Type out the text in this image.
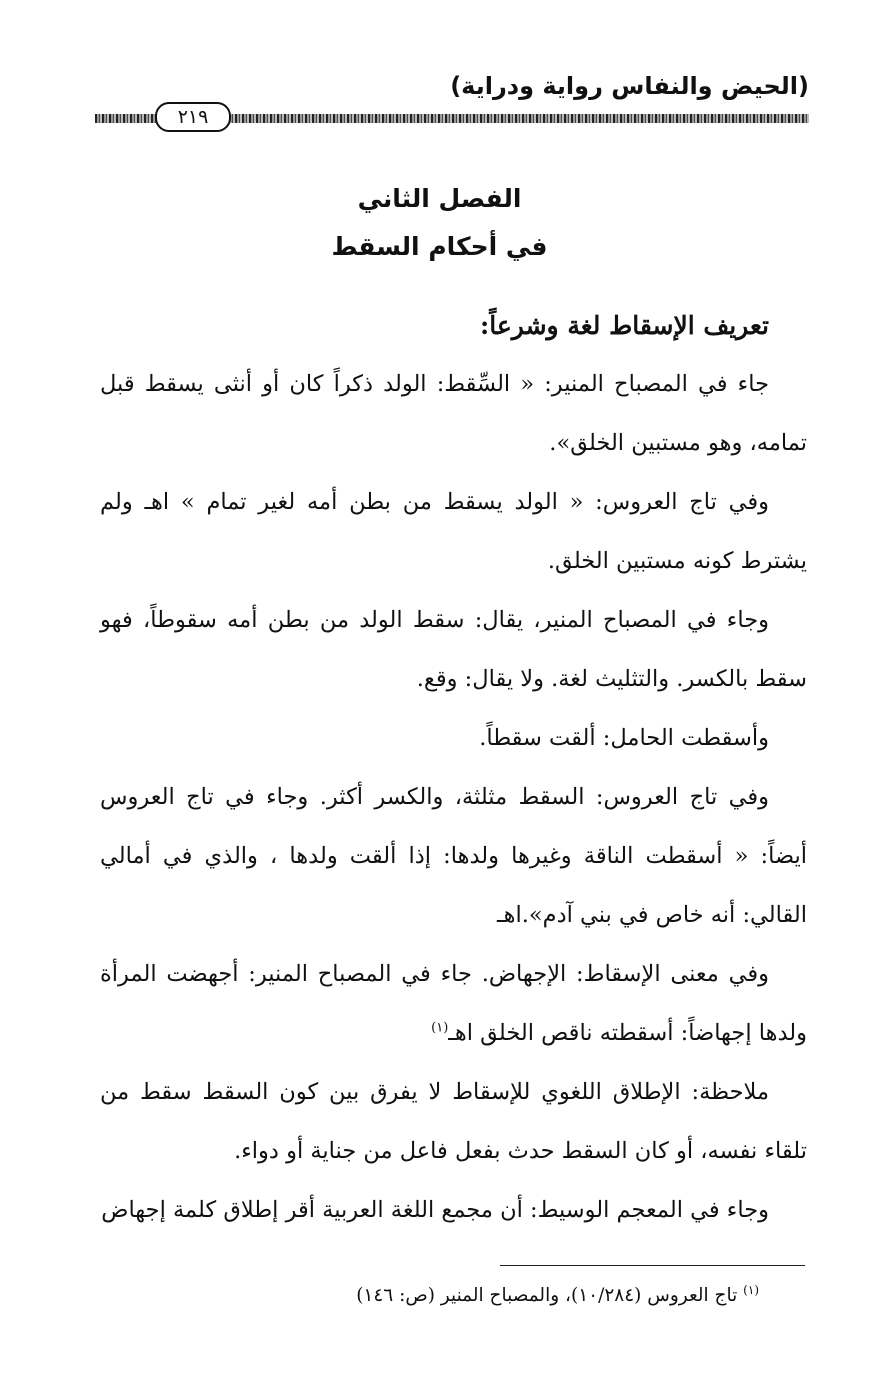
(الحيض والنفاس رواية ودراية)
٢١٩
الفصل الثاني
في أحكام السقط

تعريف الإسقاط لغة وشرعاً:

جاء في المصباح المنير: « السِّقط: الولد ذكراً كان أو أنثى يسقط قبل تمامه، وهو مستبين الخلق».

وفي تاج العروس: « الولد يسقط من بطن أمه لغير تمام » اهـ ولم يشترط كونه مستبين الخلق.

وجاء في المصباح المنير، يقال: سقط الولد من بطن أمه سقوطاً، فهو سقط بالكسر. والتثليث لغة. ولا يقال: وقع.

وأسقطت الحامل: ألقت سقطاً.

وفي تاج العروس: السقط مثلثة، والكسر أكثر. وجاء في تاج العروس أيضاً: « أسقطت الناقة وغيرها ولدها: إذا ألقت ولدها ، والذي في أمالي القالي: أنه خاص في بني آدم».اهـ

وفي معنى الإسقاط: الإجهاض. جاء في المصباح المنير: أجهضت المرأة ولدها إجهاضاً: أسقطته ناقص الخلق اهـ$^{(١)}$

ملاحظة: الإطلاق اللغوي للإسقاط لا يفرق بين كون السقط سقط من تلقاء نفسه، أو كان السقط حدث بفعل فاعل من جناية أو دواء.

وجاء في المعجم الوسيط: أن مجمع اللغة العربية أقر إطلاق كلمة إجهاض

$^{(١)}$ تاج العروس (١٠/٢٨٤)، والمصباح المنير (ص: ١٤٦)
